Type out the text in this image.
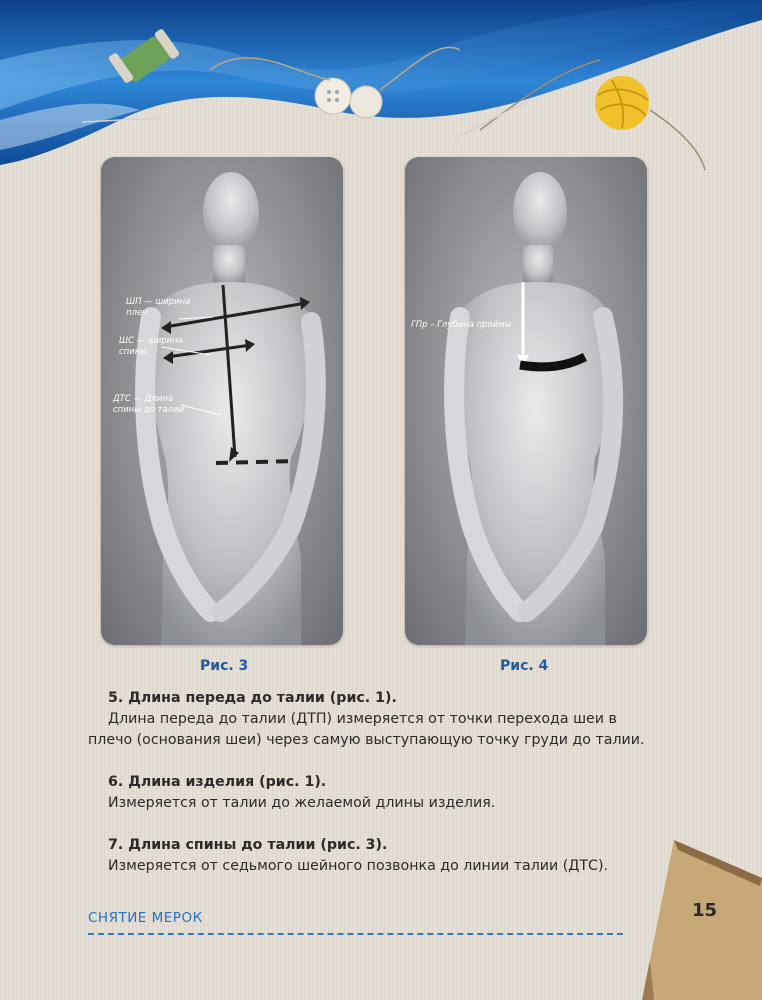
ШП — ширина
плеч
ШС — ширина
спины
ДТС — Длина
спины до талии
ГПр – Глубина проймы
Рис. 3	Рис. 4
5. Длина переда до талии (рис. 1).

Длина переда до талии (ДТП) измеряется от точки перехода шеи в плечо (основания шеи) через самую выступающую точку груди до талии.

6. Длина изделия (рис. 1).

Измеряется от талии до желаемой длины изделия.

7. Длина спины до талии (рис. 3).

Измеряется от седьмого шейного позвонка до линии талии (ДТС).

СНЯТИЕ МЕРОК	15
